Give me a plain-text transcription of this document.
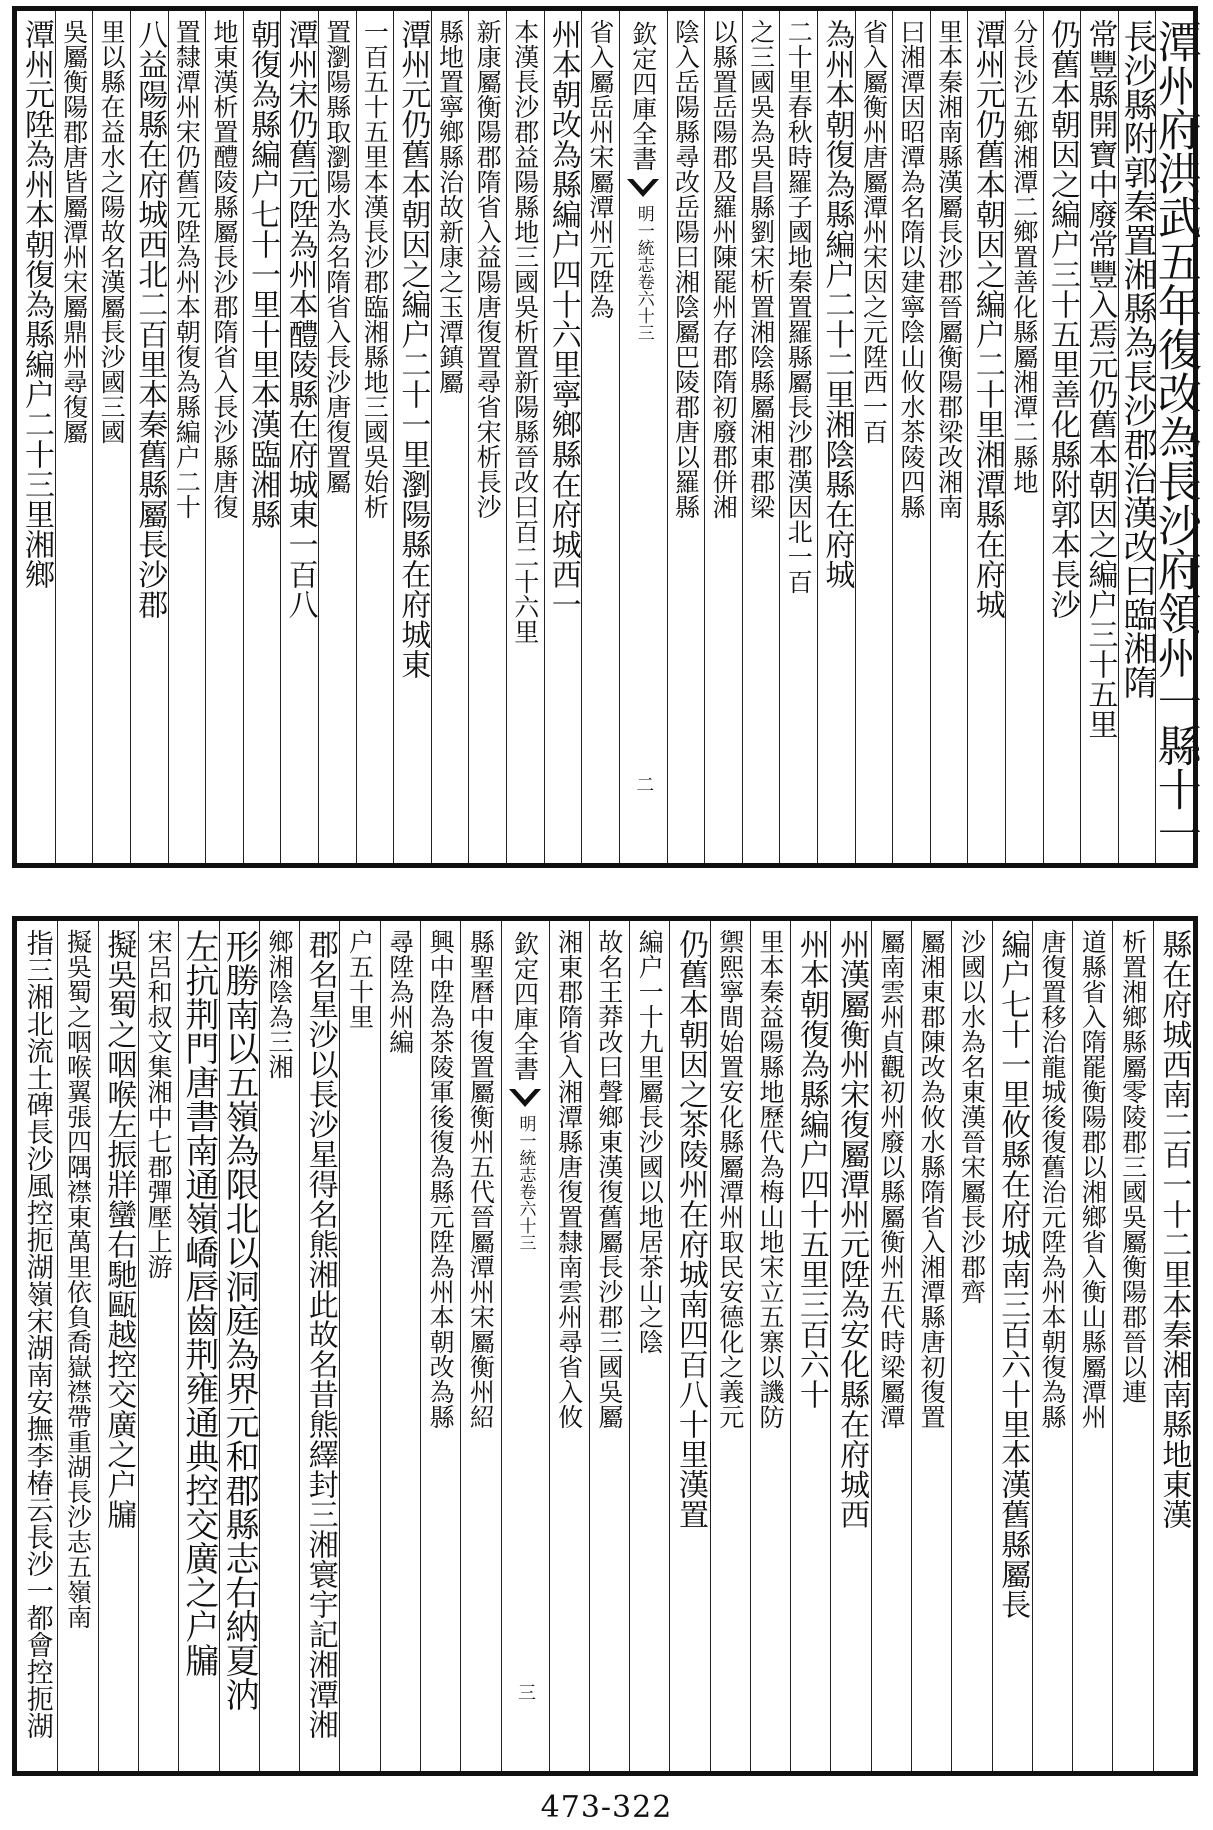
潭州府洪武五年復改為長沙府領州一縣十一
長沙縣附郭秦置湘縣為長沙郡治漢改曰臨湘隋
常豐縣開寶中廢常豐入焉元仍舊本朝因之編户三十五里
仍舊本朝因之編户三十五里善化縣附郭本長沙
分長沙五鄉湘潭二鄉置善化縣屬湘潭二縣地
潭州元仍舊本朝因之編户二十里湘潭縣在府城
里本秦湘南縣漢屬長沙郡晉屬衡陽郡梁改湘南
曰湘潭因昭潭為名隋以建寧陰山攸水茶陵四縣
省入屬衡州唐屬潭州宋因之元陞西一百
為州本朝復為縣編户二十二里湘陰縣在府城
二十里春秋時羅子國地秦置羅縣屬長沙郡漢因北一百
之三國吳為吳昌縣劉宋析置湘陰縣屬湘東郡梁
以縣置岳陽郡及羅州陳罷州存郡隋初廢郡併湘
陰入岳陽縣尋改岳陽曰湘陰屬巴陵郡唐以羅縣
欽定四庫全書
明一統志
卷六十三
二
省入屬岳州宋屬潭州元陞為
州本朝改為縣編户四十六里寧鄉縣在府城西一
本漢長沙郡益陽縣地三國吳析置新陽縣晉改曰百二十六里
新康屬衡陽郡隋省入益陽唐復置尋省宋析長沙
縣地置寧鄉縣治故新康之玉潭鎮屬
潭州元仍舊本朝因之編户二十一里瀏陽縣在府城東
一百五十五里本漢長沙郡臨湘縣地三國吳始析
置瀏陽縣取瀏陽水為名隋省入長沙唐復置屬
潭州宋仍舊元陞為州本醴陵縣在府城東一百八
朝復為縣編户七十一里十里本漢臨湘縣
地東漢析置醴陵縣屬長沙郡隋省入長沙縣唐復
置隸潭州宋仍舊元陞為州本朝復為縣編户二十
八益陽縣在府城西北二百里本秦舊縣屬長沙郡
里以縣在益水之陽故名漢屬長沙國三國
吳屬衡陽郡唐皆屬潭州宋屬鼎州尋復屬
潭州元陞為州本朝復為縣編户二十三里湘鄉
縣在府城西南二百一十二里本秦湘南縣地東漢
析置湘鄉縣屬零陵郡三國吳屬衡陽郡晉以連
道縣省入隋罷衡陽郡以湘鄉省入衡山縣屬潭州
唐復置移治龍城後復舊治元陞為州本朝復為縣
編户七十一里攸縣在府城南三百六十里本漢舊縣屬長
沙國以水為名東漢晉宋屬長沙郡齊
屬湘東郡陳改為攸水縣隋省入湘潭縣唐初復置
屬南雲州貞觀初州廢以縣屬衡州五代時梁屬潭
州漢屬衡州宋復屬潭州元陞為安化縣在府城西
州本朝復為縣編户四十五里三百六十
里本秦益陽縣地歷代為梅山地宋立五寨以譏防
禦熙寧間始置安化縣屬潭州取民安德化之義元
仍舊本朝因之茶陵州在府城南四百八十里漢置
編户一十九里屬長沙國以地居茶山之陰
故名王莽改曰聲鄉東漢復舊屬長沙郡三國吳屬
湘東郡隋省入湘潭縣唐復置隸南雲州尋省入攸
欽定四庫全書
明一統志
卷六十三
三
縣聖曆中復置屬衡州五代晉屬潭州宋屬衡州紹
興中陞為茶陵軍後復為縣元陞為州本朝改為縣
尋陞為州編
户五十里
郡名星沙以長沙星得名熊湘此故名昔熊繹封三湘寰宇記湘潭湘
鄉湘陰為三湘
形勝南以五嶺為限北以洞庭為界元和郡縣志右納夏汭
左抗荆門唐書南通嶺嶠唇齒荆雍通典控交廣之户牖
宋呂和叔文集湘中七郡彈壓上游
擬吳蜀之咽喉左振牂蠻右馳甌越控交廣之户牖
擬吳蜀之咽喉翼張四隅襟東萬里依負喬嶽襟帶重湖長沙志五嶺南
指三湘北流土碑長沙風控扼湖嶺宋湖南安撫李椿云長沙一都會控扼湖
473-322
